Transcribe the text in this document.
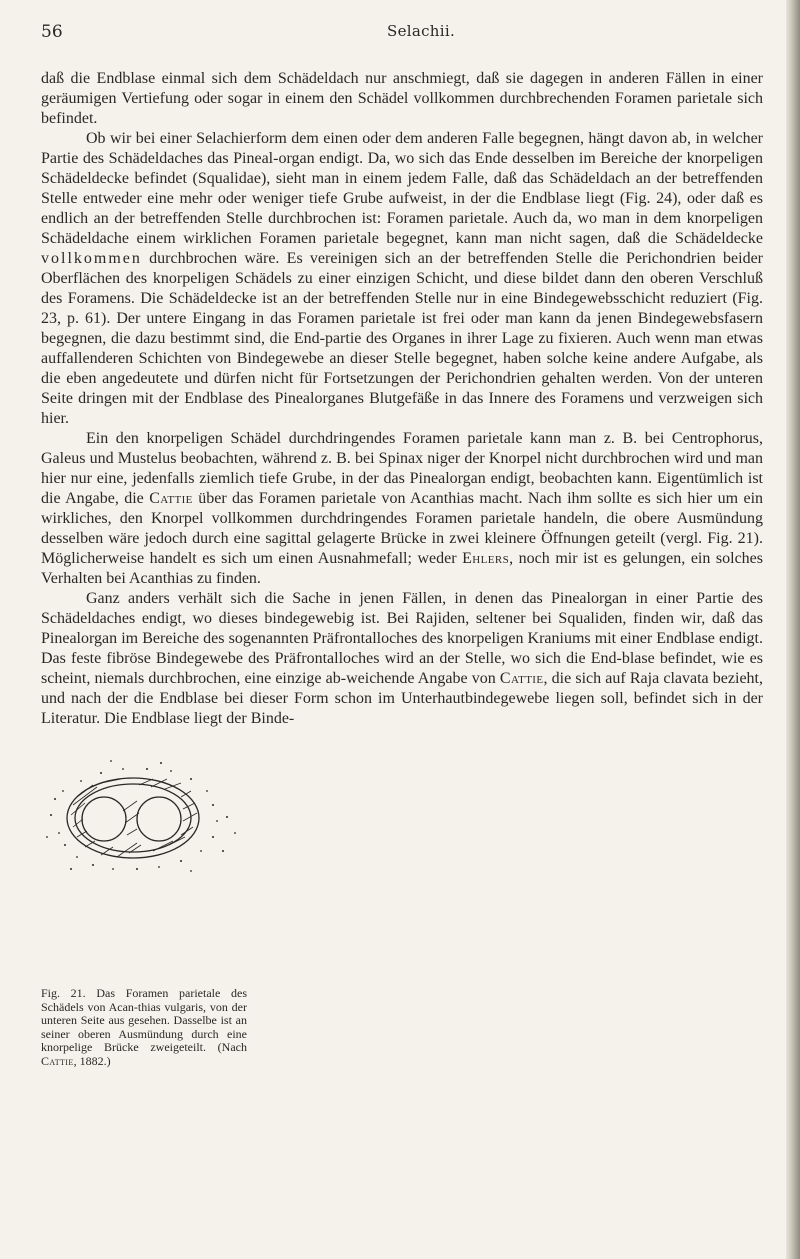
56	Selachii.

daß die Endblase einmal sich dem Schädeldach nur anschmiegt, daß sie dagegen in anderen Fällen in einer geräumigen Vertiefung oder sogar in einem den Schädel vollkommen durchbrechenden Foramen parietale sich befindet.

Ob wir bei einer Selachierform dem einen oder dem anderen Falle begegnen, hängt davon ab, in welcher Partie des Schädeldaches das Pineal-organ endigt. Da, wo sich das Ende desselben im Bereiche der knorpeligen Schädeldecke befindet (Squalidae), sieht man in einem jedem Falle, daß das Schädeldach an der betreffenden Stelle entweder eine mehr oder weniger tiefe Grube aufweist, in der die Endblase liegt (Fig. 24), oder daß es endlich an der betreffenden Stelle durchbrochen ist: Foramen parietale. Auch da, wo man in dem knorpeligen Schädeldache einem wirklichen Foramen parietale begegnet, kann man nicht sagen, daß die Schädeldecke vollkommen durchbrochen wäre. Es vereinigen sich an der betreffenden Stelle die Perichondrien beider Oberflächen des knorpeligen Schädels zu einer einzigen Schicht, und diese bildet dann den oberen Verschluß des Foramens. Die Schädeldecke ist an der betreffenden Stelle nur in eine Bindegewebsschicht reduziert (Fig. 23, p. 61). Der untere Eingang in das Foramen parietale ist frei oder man kann da jenen Bindegewebsfasern begegnen, die dazu bestimmt sind, die End-partie des Organes in ihrer Lage zu fixieren. Auch wenn man etwas auffallenderen Schichten von Bindegewebe an dieser Stelle begegnet, haben solche keine andere Aufgabe, als die eben angedeutete und dürfen nicht für Fortsetzungen der Perichondrien gehalten werden. Von der unteren Seite dringen mit der Endblase des Pinealorganes Blutgefäße in das Innere des Foramens und verzweigen sich hier.

Ein den knorpeligen Schädel durchdringendes Foramen parietale kann man z. B. bei Centrophorus, Galeus und Mustelus beobachten, während z. B. bei Spinax niger der Knorpel nicht durchbrochen wird und man hier nur eine, jedenfalls ziemlich tiefe Grube, in der das Pinealorgan endigt, beobachten kann. Eigentümlich ist die Angabe, die Cattie über das Foramen parietale von Acanthias macht. Nach ihm sollte es sich hier um ein wirkliches, den Knorpel vollkommen durchdringendes Foramen parietale handeln, die obere Ausmündung desselben wäre jedoch durch eine sagittal gelagerte Brücke in zwei kleinere Öffnungen geteilt (vergl. Fig. 21). Möglicherweise handelt es sich um einen Ausnahmefall; weder Ehlers, noch mir ist es gelungen, ein solches Verhalten bei Acanthias zu finden.

Ganz anders verhält sich die Sache in jenen Fällen, in denen das Pinealorgan in einer Partie des Schädeldaches endigt, wo dieses bindegewebig ist. Bei Rajiden, seltener bei Squaliden, finden wir, daß das Pinealorgan im Bereiche des sogenannten Präfrontalloches des knorpeligen Kraniums mit einer Endblase endigt. Das feste fibröse Bindegewebe des Präfrontalloches wird an der Stelle, wo sich die End-blase befindet, wie es scheint, niemals durchbrochen, eine einzige ab-weichende Angabe von Cattie, die sich auf Raja clavata bezieht, und nach der die Endblase bei dieser Form schon im Unterhautbindegewebe liegen soll, befindet sich in der Literatur. Die Endblase liegt der Binde-

Fig. 21. Das Foramen parietale des Schädels von Acan-thias vulgaris, von der unteren Seite aus gesehen. Dasselbe ist an seiner oberen Ausmündung durch eine knorpelige Brücke zweigeteilt. (Nach Cattie, 1882.)
